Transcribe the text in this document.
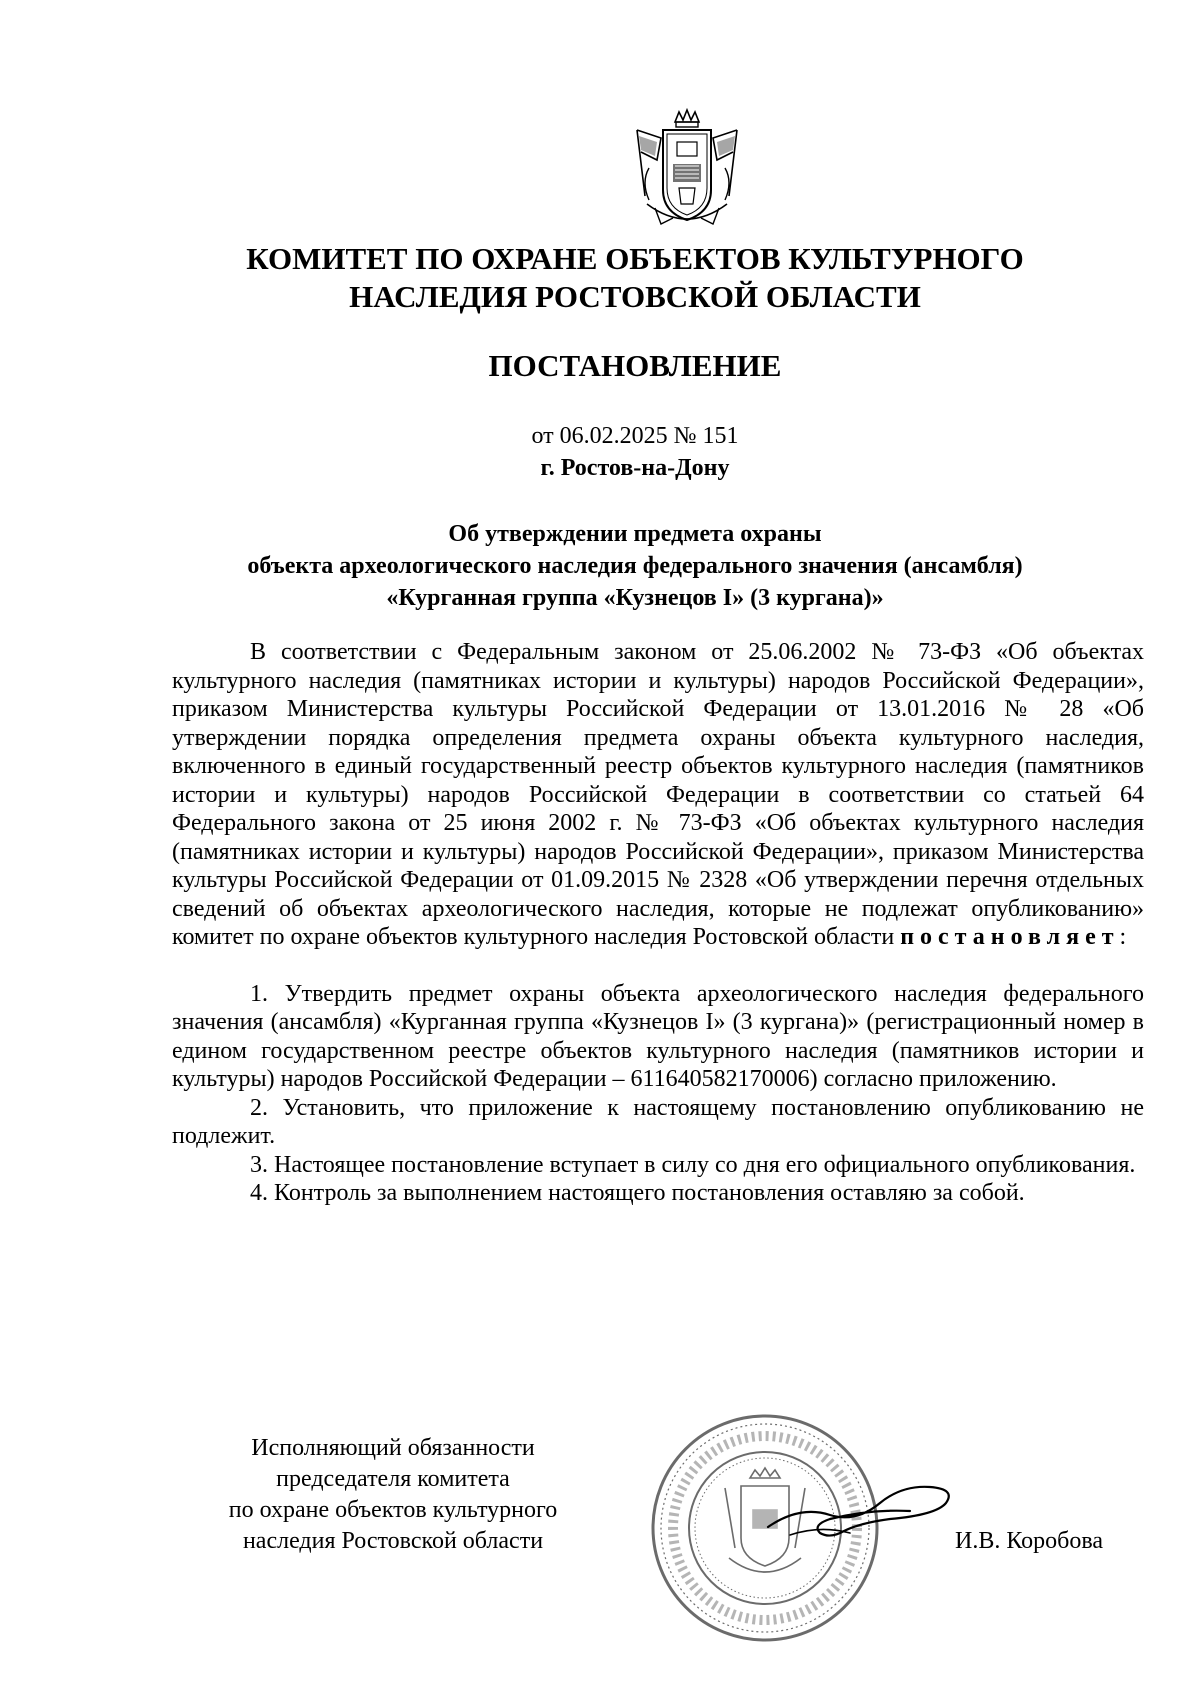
КОМИТЕТ ПО ОХРАНЕ ОБЪЕКТОВ КУЛЬТУРНОГО
НАСЛЕДИЯ РОСТОВСКОЙ ОБЛАСТИ
ПОСТАНОВЛЕНИЕ
от 06.02.2025 № 151
г. Ростов-на-Дону
Об утверждении предмета охраны
объекта археологического наследия федерального значения (ансамбля)
«Курганная группа «Кузнецов I» (3 кургана)»

В соответствии с Федеральным законом от 25.06.2002 № 73-ФЗ «Об объектах культурного наследия (памятниках истории и культуры) народов Российской Федерации», приказом Министерства культуры Российской Федерации от 13.01.2016 № 28 «Об утверждении порядка определения предмета охраны объекта культурного наследия, включенного в единый государственный реестр объектов культурного наследия (памятников истории и культуры) народов Российской Федерации в соответствии со статьей 64 Федерального закона от 25 июня 2002 г. № 73-ФЗ «Об объектах культурного наследия (памятниках истории и культуры) народов Российской Федерации», приказом Министерства культуры Российской Федерации от 01.09.2015 № 2328 «Об утверждении перечня отдельных сведений об объектах археологического наследия, которые не подлежат опубликованию» комитет по охране объектов культурного наследия Ростовской области постановляет:

1. Утвердить предмет охраны объекта археологического наследия федерального значения (ансамбля) «Курганная группа «Кузнецов I» (3 кургана)» (регистрационный номер в едином государственном реестре объектов культурного наследия (памятников истории и культуры) народов Российской Федерации – 611640582170006) согласно приложению.

2. Установить, что приложение к настоящему постановлению опубликованию не подлежит.

3. Настоящее постановление вступает в силу со дня его официального опубликования.

4. Контроль за выполнением настоящего постановления оставляю за собой.

Исполняющий обязанности
председателя комитета
по охране объектов культурного
наследия Ростовской области	И.В. Коробова
